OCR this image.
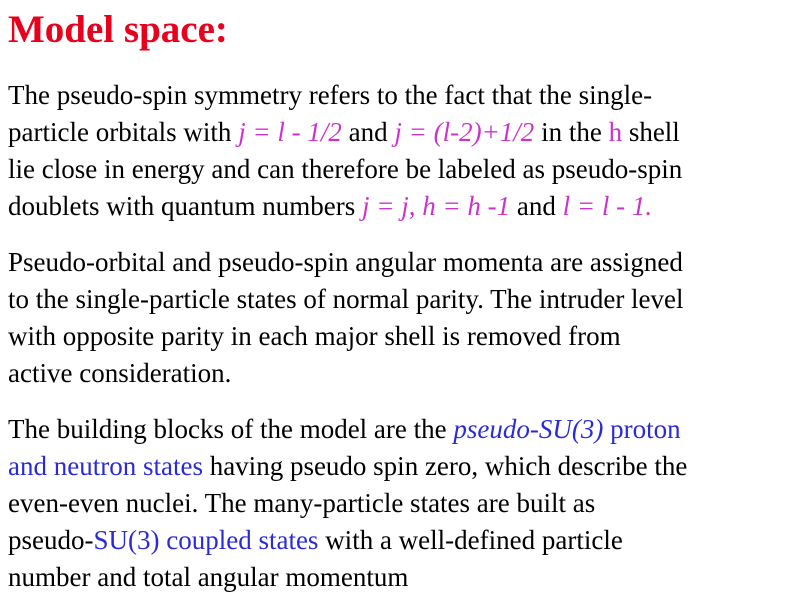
Model space:

The pseudo-spin symmetry refers to the fact that the single-
particle orbitals with j = l - 1/2 and j = (l-2)+1/2 in the h shell
lie close in energy and can therefore be labeled as pseudo-spin
doublets with quantum numbers j = j, h = h -1 and l = l - 1.

Pseudo-orbital and pseudo-spin angular momenta are assigned
to the single-particle states of normal parity. The intruder level
with opposite parity in each major shell is removed from
active consideration.

The building blocks of the model are the pseudo-SU(3) proton
and neutron states having pseudo spin zero, which describe the
even-even nuclei. The many-particle states are built as
pseudo-SU(3) coupled states with a well-defined particle
number and total angular momentum
